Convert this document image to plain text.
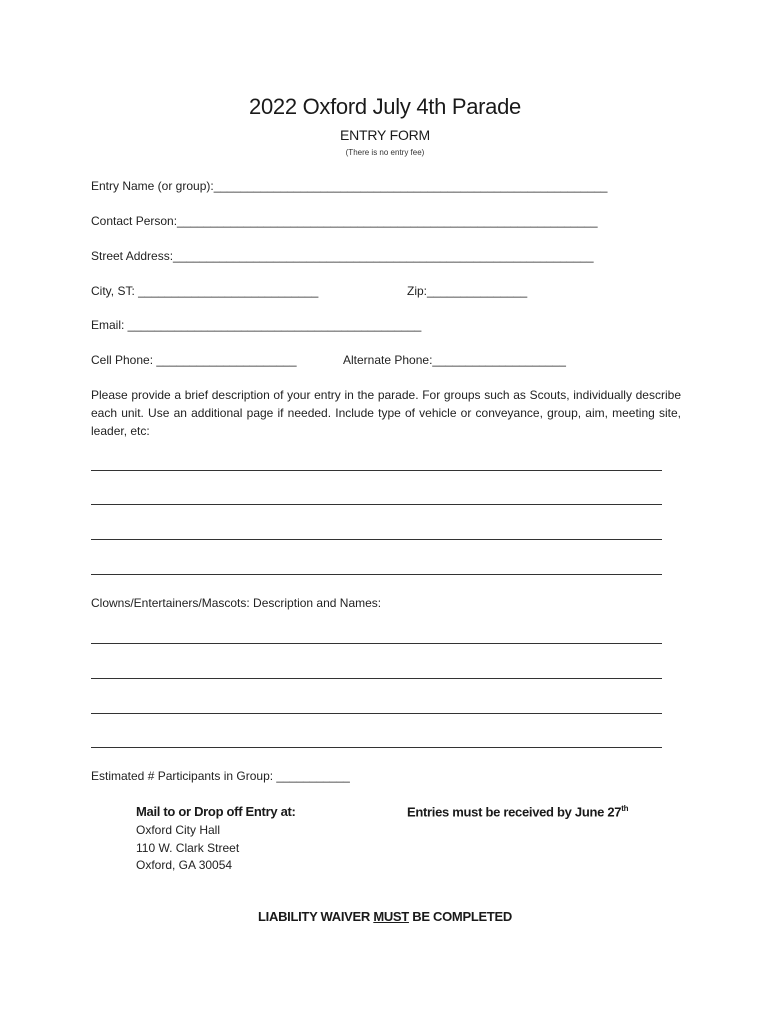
2022 Oxford July 4th Parade
ENTRY FORM
(There is no entry fee)
Entry Name (or group):___________________________________________________________
Contact Person:_______________________________________________________________
Street Address:_______________________________________________________________
City, ST: ___________________________	Zip:_______________
Email: ____________________________________________
Cell Phone: _____________________	Alternate Phone:____________________
Please provide a brief description of your entry in the parade. For groups such as Scouts, individually describe each unit. Use an additional page if needed. Include type of vehicle or conveyance, group, aim, meeting site, leader, etc:
Clowns/Entertainers/Mascots: Description and Names:
Estimated # Participants in Group: ___________
Mail to or Drop off Entry at:
Oxford City Hall
110 W. Clark Street
Oxford, GA 30054
Entries must be received by June 27th
LIABILITY WAIVER MUST BE COMPLETED
